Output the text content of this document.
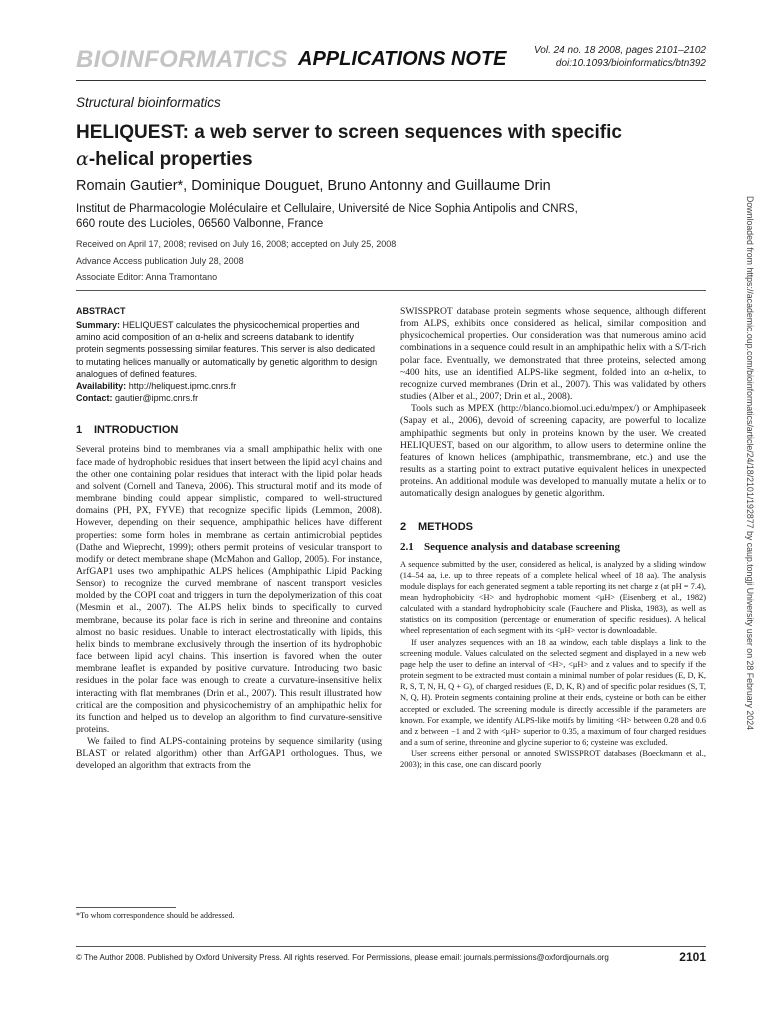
BIOINFORMATICS APPLICATIONS NOTE	Vol. 24 no. 18 2008, pages 2101–2102
doi:10.1093/bioinformatics/btn392
Structural bioinformatics
HELIQUEST: a web server to screen sequences with specific
α-helical properties
Romain Gautier*, Dominique Douguet, Bruno Antonny and Guillaume Drin
Institut de Pharmacologie Moléculaire et Cellulaire, Université de Nice Sophia Antipolis and CNRS,
660 route des Lucioles, 06560 Valbonne, France
Received on April 17, 2008; revised on July 16, 2008; accepted on July 25, 2008
Advance Access publication July 28, 2008
Associate Editor: Anna Tramontano
ABSTRACT

Summary: HELIQUEST calculates the physicochemical properties and amino acid composition of an α-helix and screens databank to identify protein segments possessing similar features. This server is also dedicated to mutating helices manually or automatically by genetic algorithm to design analogues of defined features.

Availability: http://heliquest.ipmc.cnrs.fr

Contact: gautier@ipmc.cnrs.fr

1 INTRODUCTION

Several proteins bind to membranes via a small amphipathic helix with one face made of hydrophobic residues that insert between the lipid acyl chains and the other one containing polar residues that interact with the lipid polar heads and solvent (Cornell and Taneva, 2006). This structural motif and its mode of membrane binding could appear simplistic, compared to well-structured domains (PH, PX, FYVE) that recognize specific lipids (Lemmon, 2008). However, depending on their sequence, amphipathic helices have different properties: some form holes in membrane as certain antimicrobial peptides (Dathe and Wieprecht, 1999); others permit proteins of vesicular transport to modify or detect membrane shape (McMahon and Gallop, 2005). For instance, ArfGAP1 uses two amphipathic ALPS helices (Amphipathic Lipid Packing Sensor) to recognize the curved membrane of nascent transport vesicles molded by the COPI coat and triggers in turn the depolymerization of this coat (Mesmin et al., 2007). The ALPS helix binds to specifically to curved membrane, because its polar face is rich in serine and threonine and contains almost no basic residues. Unable to interact electrostatically with lipids, this helix binds to membrane exclusively through the insertion of its hydrophobic face between lipid acyl chains. This insertion is favored when the outer membrane leaflet is expanded by positive curvature. Introducing two basic residues in the polar face was enough to create a curvature-insensitive helix interacting with flat membranes (Drin et al., 2007). This result illustrated how critical are the composition and physicochemistry of an amphipathic helix for its function and helped us to develop an algorithm to find curvature-sensitive proteins.

We failed to find ALPS-containing proteins by sequence similarity (using BLAST or related algorithm) other than ArfGAP1 orthologues. Thus, we developed an algorithm that extracts from the

SWISSPROT database protein segments whose sequence, although different from ALPS, exhibits once considered as helical, similar composition and physicochemical properties. Our consideration was that numerous amino acid combinations in a sequence could result in an amphipathic helix with a S/T-rich polar face. Eventually, we demonstrated that three proteins, selected among ~400 hits, use an identified ALPS-like segment, folded into an α-helix, to recognize curved membranes (Drin et al., 2007). This was validated by others studies (Alber et al., 2007; Drin et al., 2008).

Tools such as MPEX (http://blanco.biomol.uci.edu/mpex/) or Amphipaseek (Sapay et al., 2006), devoid of screening capacity, are powerful to localize amphipathic segments but only in proteins known by the user. We created HELIQUEST, based on our algorithm, to allow users to determine online the features of known helices (amphipathic, transmembrane, etc.) and use the results as a starting point to extract putative equivalent helices in unexpected proteins. An additional module was developed to manually mutate a helix or to automatically design analogues by genetic algorithm.

2 METHODS
2.1 Sequence analysis and database screening

A sequence submitted by the user, considered as helical, is analyzed by a sliding window (14–54 aa, i.e. up to three repeats of a complete helical wheel of 18 aa). The analysis module displays for each generated segment a table reporting its net charge z (at pH = 7.4), mean hydrophobicity <H> and hydrophobic moment <μH> (Eisenberg et al., 1982) calculated with a standard hydrophobicity scale (Fauchere and Pliska, 1983), as well as statistics on its composition (percentage or enumeration of specific residues). A helical wheel representation of each segment with its <μH> vector is downloadable.

If user analyzes sequences with an 18 aa window, each table displays a link to the screening module. Values calculated on the selected segment and displayed in a new web page help the user to define an interval of <H>, <μH> and z values and to specify if the protein segment to be extracted must contain a minimal number of polar residues (E, D, K, R, S, T, N, H, Q + G), of charged residues (E, D, K, R) and of specific polar residues (S, T, N, Q, H). Protein segments containing proline at their ends, cysteine or both can be either accepted or excluded. The screening module is directly accessible if the parameters are known. For example, we identify ALPS-like motifs by limiting <H> between 0.28 and 0.6 and z between −1 and 2 with <μH> superior to 0.35, a maximum of four charged residues and a sum of serine, threonine and glycine superior to 6; cysteine was excluded.

User screens either personal or annoted SWISSPROT databases (Boeckmann et al., 2003); in this case, one can discard poorly

Downloaded from https://academic.oup.com/bioinformatics/article/24/18/2101/192877 by caup.tongji University user on 28 February 2024
*To whom correspondence should be addressed.
© The Author 2008. Published by Oxford University Press. All rights reserved. For Permissions, please email: journals.permissions@oxfordjournals.org	2101
